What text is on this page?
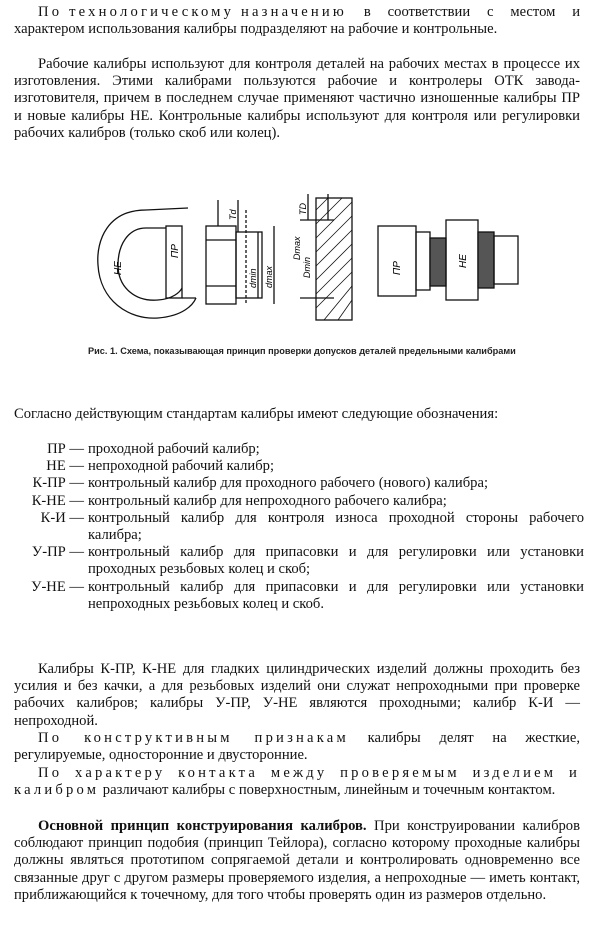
По технологическому назначению в соответствии с местом и характером использования калибры подразделяют на рабочие и контрольные.

Рабочие калибры используют для контроля деталей на рабочих местах в процессе их изготовления. Этими калибрами пользуются рабочие и контролеры ОТК завода-изготовителя, причем в последнем случае применяют частично изношенные калибры ПР и новые калибры НЕ. Контрольные калибры используют для контроля или регулировки рабочих калибров (только скоб или колец).

НЕ
ПР
Td
dmin dmax
TD
Dmax
Dmin	ПР
НЕ

Рис. 1. Схема, показывающая принцип проверки допусков деталей предельными калибрами

Согласно действующим стандартам калибры имеют следующие обозначения:

ПР — проходной рабочий калибр;
НЕ — непроходной рабочий калибр;
К-ПР — контрольный калибр для проходного рабочего (нового) калибра;
К-НЕ — контрольный калибр для непроходного рабочего калибра;
К-И — контрольный калибр для контроля износа проходной стороны рабочего калибра;
У-ПР — контрольный калибр для припасовки и для регулировки или установки проходных резьбовых колец и скоб;
У-НЕ — контрольный калибр для припасовки и для регулировки или установки непроходных резьбовых колец и скоб.

Калибры К-ПР, К-НЕ для гладких цилиндрических изделий должны проходить без усилия и без качки, а для резьбовых изделий они служат непроходными при проверке рабочих калибров; калибры У-ПР, У-НЕ являются проходными; калибр К-И — непроходной.

По конструктивным признакам калибры делят на жесткие, регулируемые, односторонние и двусторонние.

По характеру контакта между проверяемым изделием и калибром различают калибры с поверхностным, линейным и точечным контактом.

Основной принцип конструирования калибров. При конструировании калибров соблюдают принцип подобия (принцип Тейлора), согласно которому проходные калибры должны являться прототипом сопрягаемой детали и контролировать одновременно все связанные друг с другом размеры проверяемого изделия, а непроходные — иметь контакт, приближающийся к точечному, для того чтобы проверять один из размеров отдельно.
